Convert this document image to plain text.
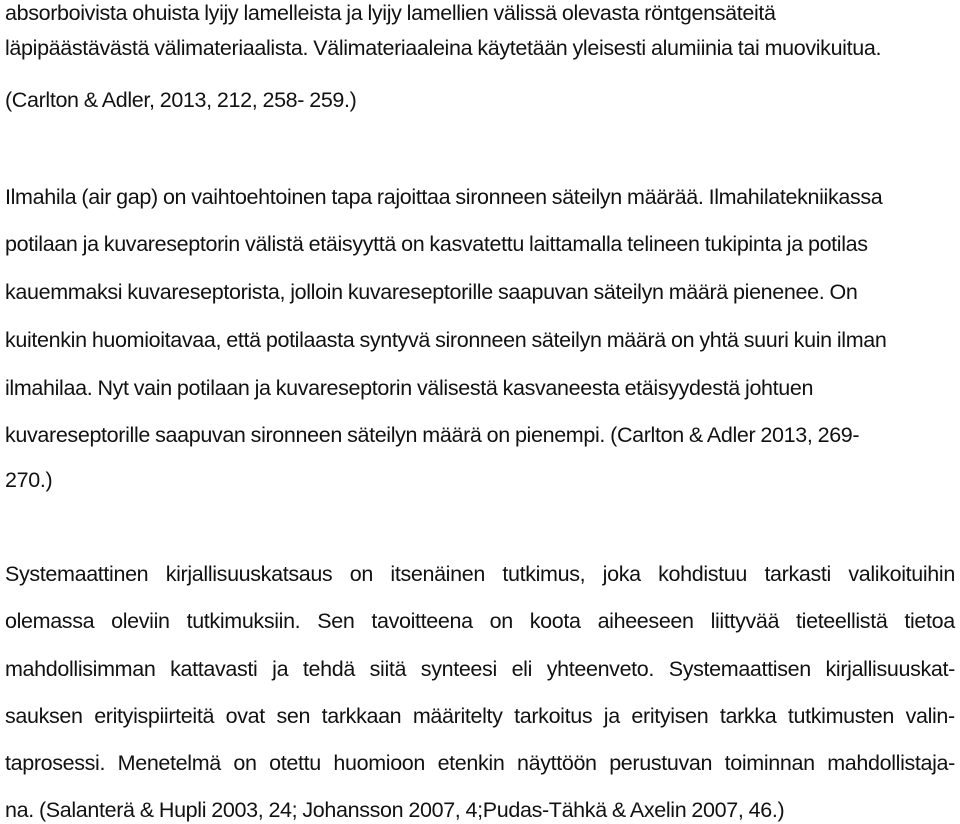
absorboivista ohuista lyijy lamelleista ja lyijy lamellien välissä olevasta röntgensäteitä
läpipäästävästä välimateriaalista. Välimateriaaleina käytetään yleisesti alumiinia tai muovikuitua.
(Carlton & Adler, 2013, 212, 258- 259.)
Ilmahila (air gap) on vaihtoehtoinen tapa rajoittaa sironneen säteilyn määrää. Ilmahilatekniikassa
potilaan ja kuvareseptorin välistä etäisyyttä on kasvatettu laittamalla telineen tukipinta ja potilas
kauemmaksi kuvareseptorista, jolloin kuvareseptorille saapuvan säteilyn määrä pienenee. On
kuitenkin huomioitavaa, että potilaasta syntyvä sironneen säteilyn määrä on yhtä suuri kuin ilman
ilmahilaa. Nyt vain potilaan ja kuvareseptorin välisestä kasvaneesta etäisyydestä johtuen
kuvareseptorille saapuvan sironneen säteilyn määrä on pienempi. (Carlton & Adler 2013, 269-
270.)
Systemaattinen kirjallisuuskatsaus on itsenäinen tutkimus, joka kohdistuu tarkasti valikoituihin
olemassa oleviin tutkimuksiin. Sen tavoitteena on koota aiheeseen liittyvää tieteellistä tietoa
mahdollisimman kattavasti ja tehdä siitä synteesi eli yhteenveto. Systemaattisen kirjallisuuskat-
sauksen erityispiirteitä ovat sen tarkkaan määritelty tarkoitus ja erityisen tarkka tutkimusten valin-
taprosessi. Menetelmä on otettu huomioon etenkin näyttöön perustuvan toiminnan mahdollistaja-
na. (Salanterä & Hupli 2003, 24; Johansson 2007, 4;Pudas-Tähkä & Axelin 2007, 46.)
